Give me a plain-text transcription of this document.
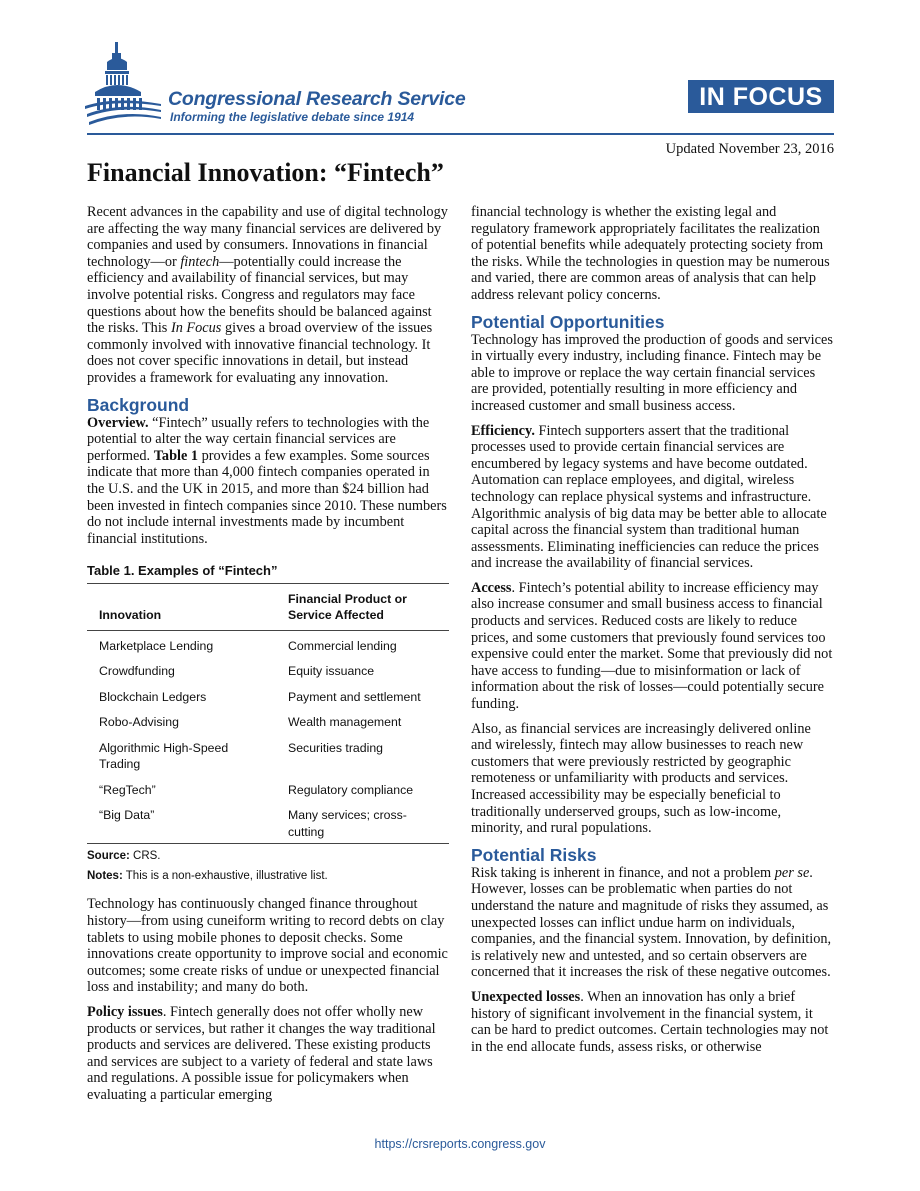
Congressional Research Service
Informing the legislative debate since 1914
IN FOCUS
Updated November 23, 2016
Financial Innovation: “Fintech”

Recent advances in the capability and use of digital technology are affecting the way many financial services are delivered by companies and used by consumers. Innovations in financial technology—or fintech—potentially could increase the efficiency and availability of financial services, but may involve potential risks. Congress and regulators may face questions about how the benefits should be balanced against the risks. This In Focus gives a broad overview of the issues commonly involved with innovative financial technology. It does not cover specific innovations in detail, but instead provides a framework for evaluating any innovation.

Background

Overview. “Fintech” usually refers to technologies with the potential to alter the way certain financial services are performed. Table 1 provides a few examples. Some sources indicate that more than 4,000 fintech companies operated in the U.S. and the UK in 2015, and more than $24 billion had been invested in fintech companies since 2010. These numbers do not include internal investments made by incumbent financial institutions.

Table 1. Examples of “Fintech”
Innovation	Financial Product or Service Affected
Marketplace Lending	Commercial lending
Crowdfunding	Equity issuance
Blockchain Ledgers	Payment and settlement
Robo-Advising	Wealth management
Algorithmic High-Speed Trading	Securities trading
“RegTech”	Regulatory compliance
“Big Data”	Many services; cross-cutting
Source: CRS.
Notes: This is a non-exhaustive, illustrative list.

Technology has continuously changed finance throughout history—from using cuneiform writing to record debts on clay tablets to using mobile phones to deposit checks. Some innovations create opportunity to improve social and economic outcomes; some create risks of undue or unexpected financial loss and instability; and many do both.

Policy issues. Fintech generally does not offer wholly new products or services, but rather it changes the way traditional products and services are delivered. These existing products and services are subject to a variety of federal and state laws and regulations. A possible issue for policymakers when evaluating a particular emerging

financial technology is whether the existing legal and regulatory framework appropriately facilitates the realization of potential benefits while adequately protecting society from the risks. While the technologies in question may be numerous and varied, there are common areas of analysis that can help address relevant policy concerns.

Potential Opportunities

Technology has improved the production of goods and services in virtually every industry, including finance. Fintech may be able to improve or replace the way certain financial services are provided, potentially resulting in more efficiency and increased customer and small business access.

Efficiency. Fintech supporters assert that the traditional processes used to provide certain financial services are encumbered by legacy systems and have become outdated. Automation can replace employees, and digital, wireless technology can replace physical systems and infrastructure. Algorithmic analysis of big data may be better able to allocate capital across the financial system than traditional human assessments. Eliminating inefficiencies can reduce the prices and increase the availability of financial services.

Access. Fintech’s potential ability to increase efficiency may also increase consumer and small business access to financial products and services. Reduced costs are likely to reduce prices, and some customers that previously found services too expensive could enter the market. Some that previously did not have access to funding—due to misinformation or lack of information about the risk of losses—could potentially secure funding.

Also, as financial services are increasingly delivered online and wirelessly, fintech may allow businesses to reach new customers that were previously restricted by geographic remoteness or unfamiliarity with products and services. Increased accessibility may be especially beneficial to traditionally underserved groups, such as low-income, minority, and rural populations.

Potential Risks

Risk taking is inherent in finance, and not a problem per se. However, losses can be problematic when parties do not understand the nature and magnitude of risks they assumed, as unexpected losses can inflict undue harm on individuals, companies, and the financial system. Innovation, by definition, is relatively new and untested, and so certain observers are concerned that it increases the risk of these negative outcomes.

Unexpected losses. When an innovation has only a brief history of significant involvement in the financial system, it can be hard to predict outcomes. Certain technologies may not in the end allocate funds, assess risks, or otherwise

https://crsreports.congress.gov
